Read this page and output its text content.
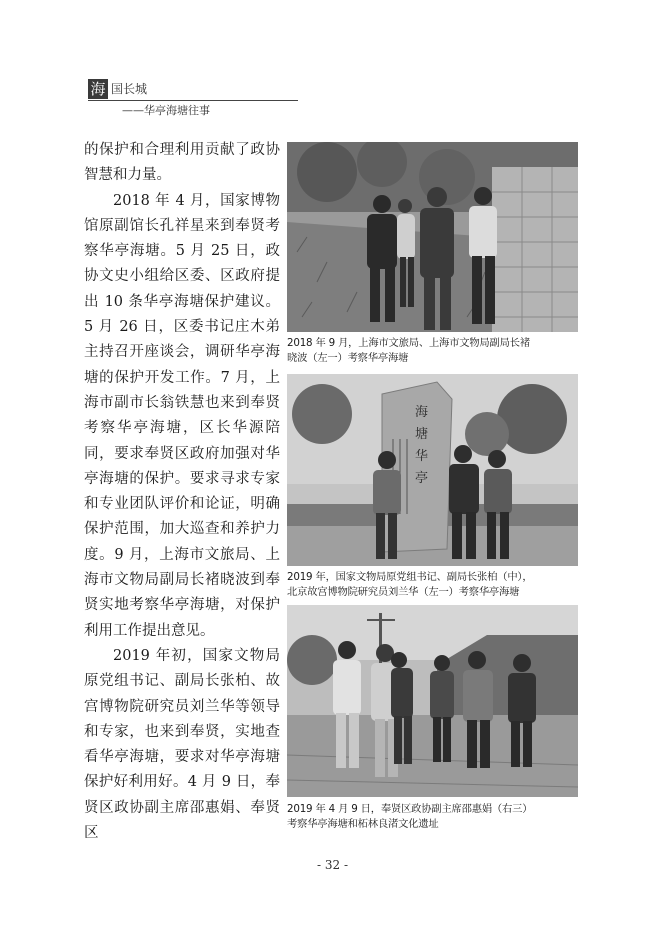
海 国长城
——华亭海塘往事

的保护和合理利用贡献了政协智慧和力量。

2018 年 4 月，国家博物馆原副馆长孔祥星来到奉贤考察华亭海塘。5 月 25 日，政协文史小组给区委、区政府提出 10 条华亭海塘保护建议。5 月 26 日，区委书记庄木弟主持召开座谈会，调研华亭海塘的保护开发工作。7 月，上海市副市长翁铁慧也来到奉贤考察华亭海塘，区长华源陪同，要求奉贤区政府加强对华亭海塘的保护。要求寻求专家和专业团队评价和论证，明确保护范围，加大巡查和养护力度。9 月，上海市文旅局、上海市文物局副局长褚晓波到奉贤实地考察华亭海塘，对保护利用工作提出意见。

2019 年初，国家文物局原党组书记、副局长张柏、故宫博物院研究员刘兰华等领导和专家，也来到奉贤，实地查看华亭海塘，要求对华亭海塘保护好利用好。4 月 9 日，奉贤区政协副主席邵惠娟、奉贤区

2018 年 9 月，上海市文旅局、上海市文物局副局长褚
晓波（左一）考察华亭海塘
海
塘
华
亭
2019 年，国家文物局原党组书记、副局长张柏（中），
北京故宫博物院研究员刘兰华（左一）考察华亭海塘
2019 年 4 月 9 日，奉贤区政协副主席邵惠娟（右三）
考察华亭海塘和柘林良渚文化遗址
- 32 -
